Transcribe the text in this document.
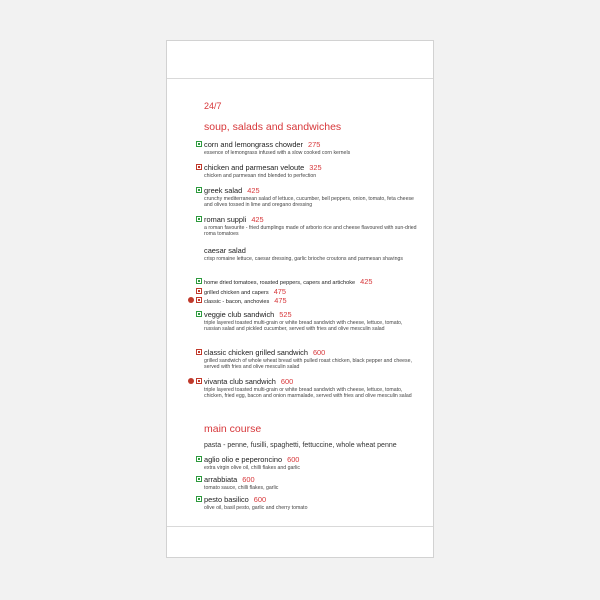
24/7
soup, salads and sandwiches
corn and lemongrass chowder 275
essence of lemongrass infused with a slow cooked corn kernels
chicken and parmesan veloute 325
chicken and parmesan rind blended to perfection
greek salad 425
crunchy mediterranean salad of lettuce, cucumber, bell peppers, onion, tomato, feta cheese and olives tossed in lime and oregano dressing
roman suppli 425
a roman favourite - fried dumplings made of arborio rice and cheese flavoured with sun-dried roma tomatoes
caesar salad
crisp romaine lettuce, caesar dressing, garlic brioche croutons and parmesan shavings
home dried tomatoes, roasted peppers, capers and artichoke 425
grilled chicken and capers 475
classic - bacon, anchovies 475
veggie club sandwich 525
triple layered toasted multi-grain or white bread sandwich with cheese, lettuce, tomato, russian salad and pickled cucumber, served with fries and olive mesculin salad
classic chicken grilled sandwich 600
grilled sandwich of whole wheat bread with pulled roast chicken, black pepper and cheese, served with fries and olive mesculin salad
vivanta club sandwich 600
triple layered toasted multi-grain or white bread sandwich with cheese, lettuce, tomato, chicken, fried egg, bacon and onion marmalade, served with fries and olive mesculin salad
main course
pasta - penne, fusilli, spaghetti, fettuccine, whole wheat penne
aglio olio e peperoncino 600
extra virgin olive oil, chilli flakes and garlic
arrabbiata 600
tomato sauce, chilli flakes, garlic
pesto basilico 600
olive oil, basil pesto, garlic and cherry tomato
